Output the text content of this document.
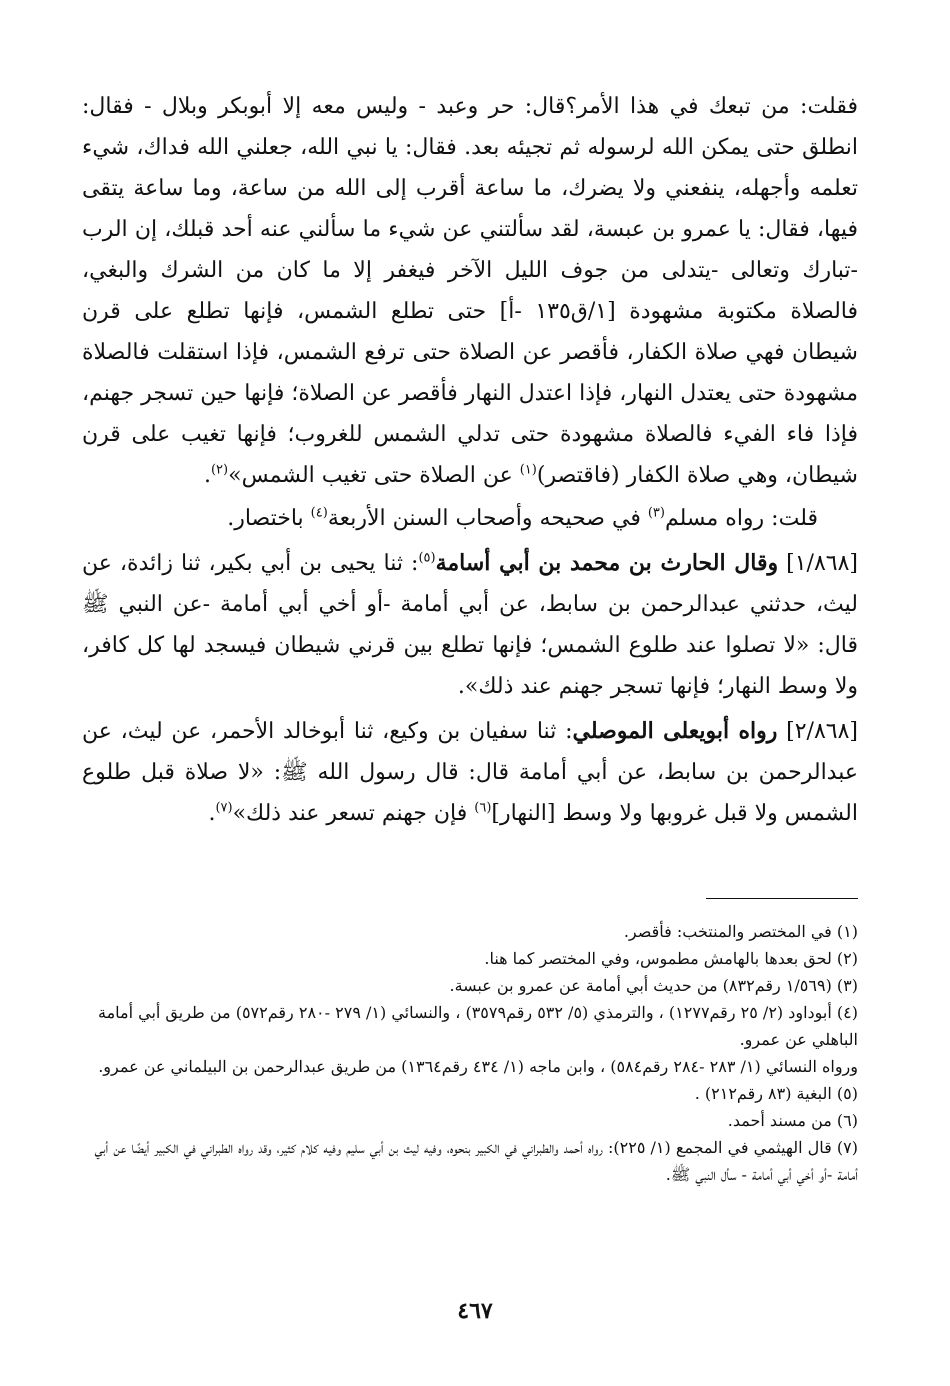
فقلت: من تبعك في هذا الأمر؟قال: حر وعبد - وليس معه إلا أبوبكر وبلال - فقال: انطلق حتى يمكن الله لرسوله ثم تجيئه بعد. فقال: يا نبي الله، جعلني الله فداك، شيء تعلمه وأجهله، ينفعني ولا يضرك، ما ساعة أقرب إلى الله من ساعة، وما ساعة يتقى فيها، فقال: يا عمرو بن عبسة، لقد سألتني عن شيء ما سألني عنه أحد قبلك، إن الرب -تبارك وتعالى -يتدلى من جوف الليل الآخر فيغفر إلا ما كان من الشرك والبغي، فالصلاة مكتوبة مشهودة [١/ق١٣٥ -أ] حتى تطلع الشمس، فإنها تطلع على قرن شيطان فهي صلاة الكفار، فأقصر عن الصلاة حتى ترفع الشمس، فإذا استقلت فالصلاة مشهودة حتى يعتدل النهار، فإذا اعتدل النهار فأقصر عن الصلاة؛ فإنها حين تسجر جهنم، فإذا فاء الفيء فالصلاة مشهودة حتى تدلي الشمس للغروب؛ فإنها تغيب على قرن شيطان، وهي صلاة الكفار (فاقتصر)$^{(١)}$ عن الصلاة حتى تغيب الشمس»$^{(٢)}$.

قلت: رواه مسلم$^{(٣)}$ في صحيحه وأصحاب السنن الأربعة$^{(٤)}$ باختصار.

[١/٨٦٨] وقال الحارث بن محمد بن أبي أسامة$^{(٥)}$: ثنا يحيى بن أبي بكير، ثنا زائدة، عن ليث، حدثني عبدالرحمن بن سابط، عن أبي أمامة -أو أخي أبي أمامة -عن النبي ﷺ قال: «لا تصلوا عند طلوع الشمس؛ فإنها تطلع بين قرني شيطان فيسجد لها كل كافر، ولا وسط النهار؛ فإنها تسجر جهنم عند ذلك».

[٢/٨٦٨] رواه أبويعلى الموصلي: ثنا سفيان بن وكيع، ثنا أبوخالد الأحمر، عن ليث، عن عبدالرحمن بن سابط، عن أبي أمامة قال: قال رسول الله ﷺ: «لا صلاة قبل طلوع الشمس ولا قبل غروبها ولا وسط [النهار]$^{(٦)}$ فإن جهنم تسعر عند ذلك»$^{(٧)}$.

(١) في المختصر والمنتخب: فأقصر.

(٢) لحق بعدها بالهامش مطموس، وفي المختصر كما هنا.

(٣) (١/٥٦٩ رقم٨٣٢) من حديث أبي أمامة عن عمرو بن عبسة.

(٤) أبوداود (٢/ ٢٥ رقم١٢٧٧) ، والترمذي (٥/ ٥٣٢ رقم٣٥٧٩) ، والنسائي (١/ ٢٧٩ -٢٨٠ رقم٥٧٢) من طريق أبي أمامة الباهلي عن عمرو.

ورواه النسائي (١/ ٢٨٣ -٢٨٤ رقم٥٨٤) ، وابن ماجه (١/ ٤٣٤ رقم١٣٦٤) من طريق عبدالرحمن بن البيلماني عن عمرو.

(٥) البغية (٨٣ رقم٢١٢) .

(٦) من مسند أحمد.

(٧) قال الهيثمي في المجمع (١/ ٢٢٥): رواه أحمد والطبراني في الكبير بنحوه، وفيه ليث بن أبي سليم وفيه كلام كثير، وقد رواه الطبراني في الكبير أيضًا عن أبي أمامة -أو أخي أبي أمامة - سأل النبي ﷺ.

٤٦٧
